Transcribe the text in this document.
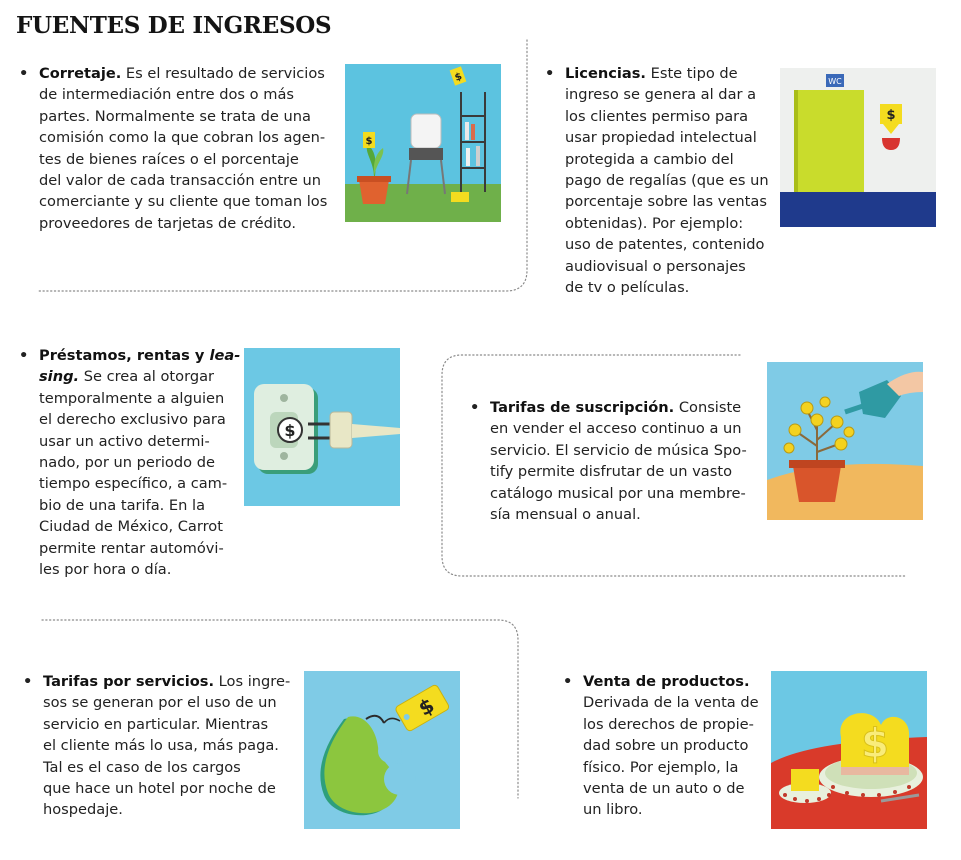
FUENTES DE INGRESOS
• Corretaje. Es el resultado de servicios
de intermediación entre dos o más
partes. Normalmente se trata de una
comisión como la que cobran los agen-
tes de bienes raíces o el porcentaje
del valor de cada transacción entre un
comerciante y su cliente que toman los
proveedores de tarjetas de crédito.
$
$	• Licencias. Este tipo de
ingreso se genera al dar a
los clientes permiso para
usar propiedad intelectual
protegida a cambio del
pago de regalías (que es un
porcentaje sobre las ventas
obtenidas). Por ejemplo:
uso de patentes, contenido
audiovisual o personajes
de tv o películas.
WC
$
• Préstamos, rentas y lea-
sing. Se crea al otorgar
temporalmente a alguien
el derecho exclusivo para
usar un activo determi-
nado, por un periodo de
tiempo específico, a cam-
bio de una tarifa. En la
Ciudad de México, Carrot
permite rentar automóvi-
les por hora o día.
$
• Tarifas de suscripción. Consiste
en vender el acceso continuo a un
servicio. El servicio de música Spo-
tify permite disfrutar de un vasto
catálogo musical por una membre-
sía mensual o anual.
• Tarifas por servicios. Los ingre-
sos se generan por el uso de un
servicio en particular. Mientras
el cliente más lo usa, más paga.
Tal es el caso de los cargos
que hace un hotel por noche de
hospedaje.
$
• Venta de productos.
Derivada de la venta de
los derechos de propie-
dad sobre un producto
físico. Por ejemplo, la
venta de un auto o de
un libro.
$
